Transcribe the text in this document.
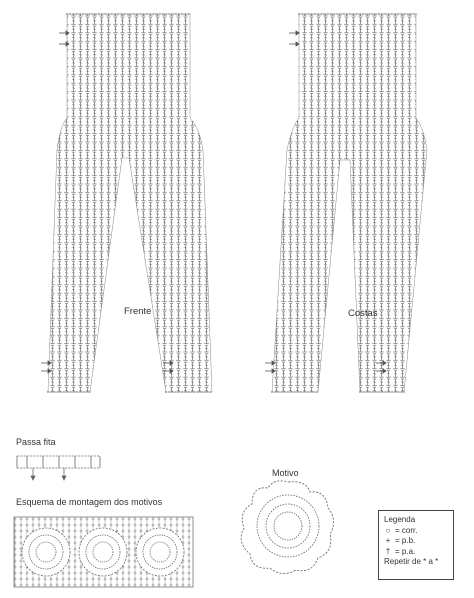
Frente	Costas
Passa fita
Esquema de montagem dos motivos
Motivo
Legenda
○ = corr.
+ = p.b.
† = p.a.
Repetir de * a *
